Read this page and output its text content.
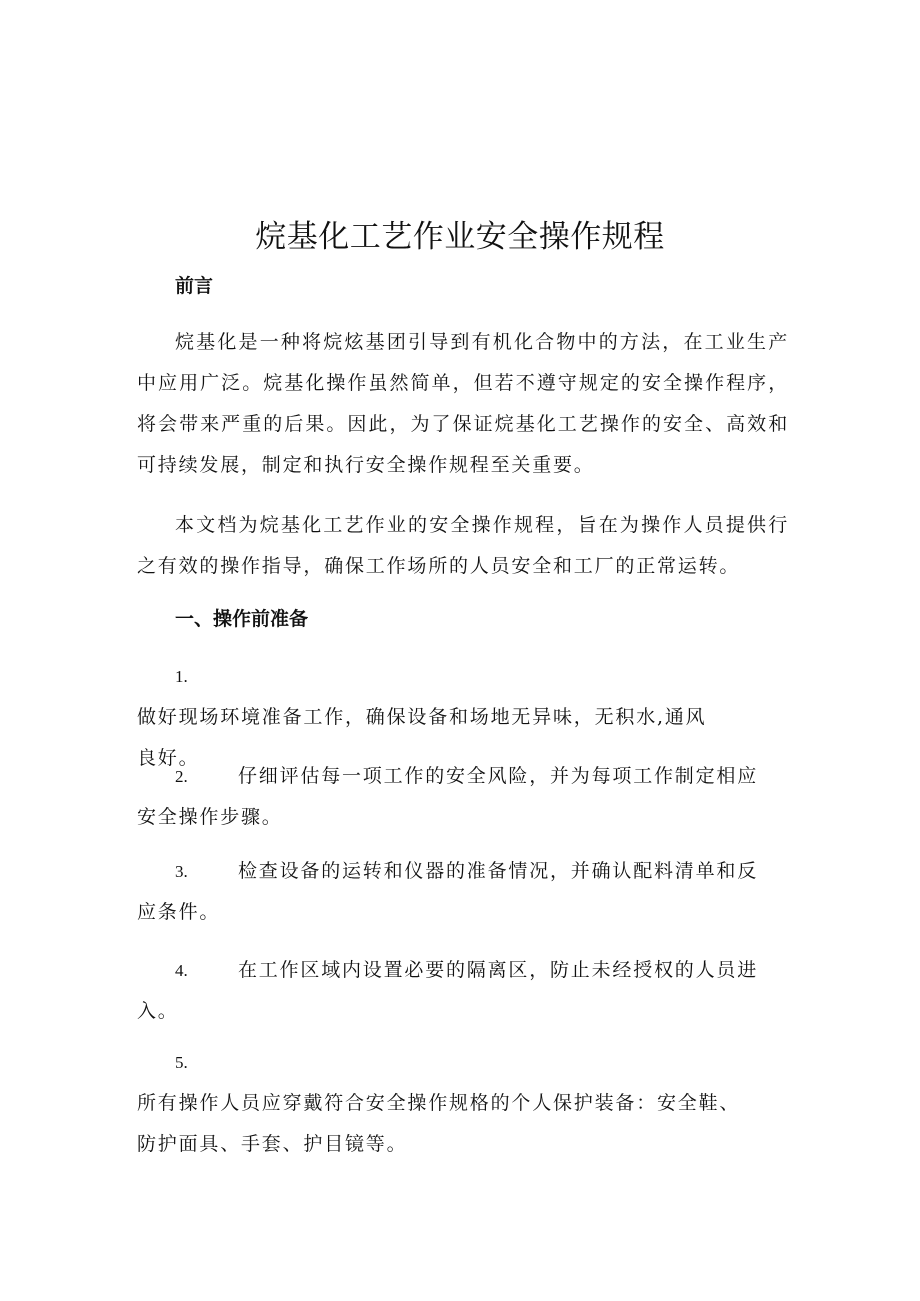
烷基化工艺作业安全操作规程
前言

烷基化是一种将烷炫基团引导到有机化合物中的方法，在工业生产中应用广泛。烷基化操作虽然简单，但若不遵守规定的安全操作程序，将会带来严重的后果。因此，为了保证烷基化工艺操作的安全、高效和可持续发展，制定和执行安全操作规程至关重要。

本文档为烷基化工艺作业的安全操作规程，旨在为操作人员提供行之有效的操作指导，确保工作场所的人员安全和工厂的正常运转。

一、操作前准备
1.做好现场环境准备工作，确保设备和场地无异味，无积水,通风
良好。
2.	仔细评估每一项工作的安全风险，并为每项工作制定相应
安全操作步骤。
3.	检查设备的运转和仪器的准备情况，并确认配料清单和反
应条件。
4.	在工作区域内设置必要的隔离区，防止未经授权的人员进
入。
5.所有操作人员应穿戴符合安全操作规格的个人保护装备：安全鞋、
防护面具、手套、护目镜等。
